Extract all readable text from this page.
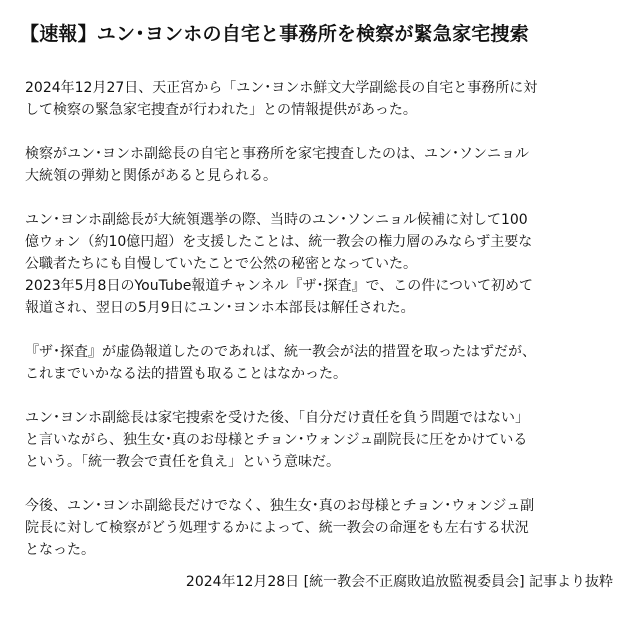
【速報】ユン･ヨンホの自宅と事務所を検察が緊急家宅捜索

2024年12月27日、天正宮から「ユン･ヨンホ鮮文大学副総長の自宅と事務所に対
して検察の緊急家宅捜査が行われた」との情報提供があった。

検察がユン･ヨンホ副総長の自宅と事務所を家宅捜査したのは、ユン･ソンニョル
大統領の弾劾と関係があると見られる。

ユン･ヨンホ副総長が大統領選挙の際、当時のユン･ソンニョル候補に対して100
億ウォン（約10億円超）を支援したことは、統一教会の権力層のみならず主要な
公職者たちにも自慢していたことで公然の秘密となっていた。

2023年5月8日のYouTube報道チャンネル『ザ･探査』で、この件について初めて
報道され、翌日の5月9日にユン･ヨンホ本部長は解任された。

『ザ･探査』が虚偽報道したのであれば、統一教会が法的措置を取ったはずだが、
これまでいかなる法的措置も取ることはなかった。

ユン･ヨンホ副総長は家宅捜索を受けた後、「自分だけ責任を負う問題ではない」
と言いながら、独生女･真のお母様とチョン･ウォンジュ副院長に圧をかけている
という。「統一教会で責任を負え」という意味だ。

今後、ユン･ヨンホ副総長だけでなく、独生女･真のお母様とチョン･ウォンジュ副
院長に対して検察がどう処理するかによって、統一教会の命運をも左右する状況
となった。

2024年12月28日 [統一教会不正腐敗追放監視委員会] 記事より抜粋
